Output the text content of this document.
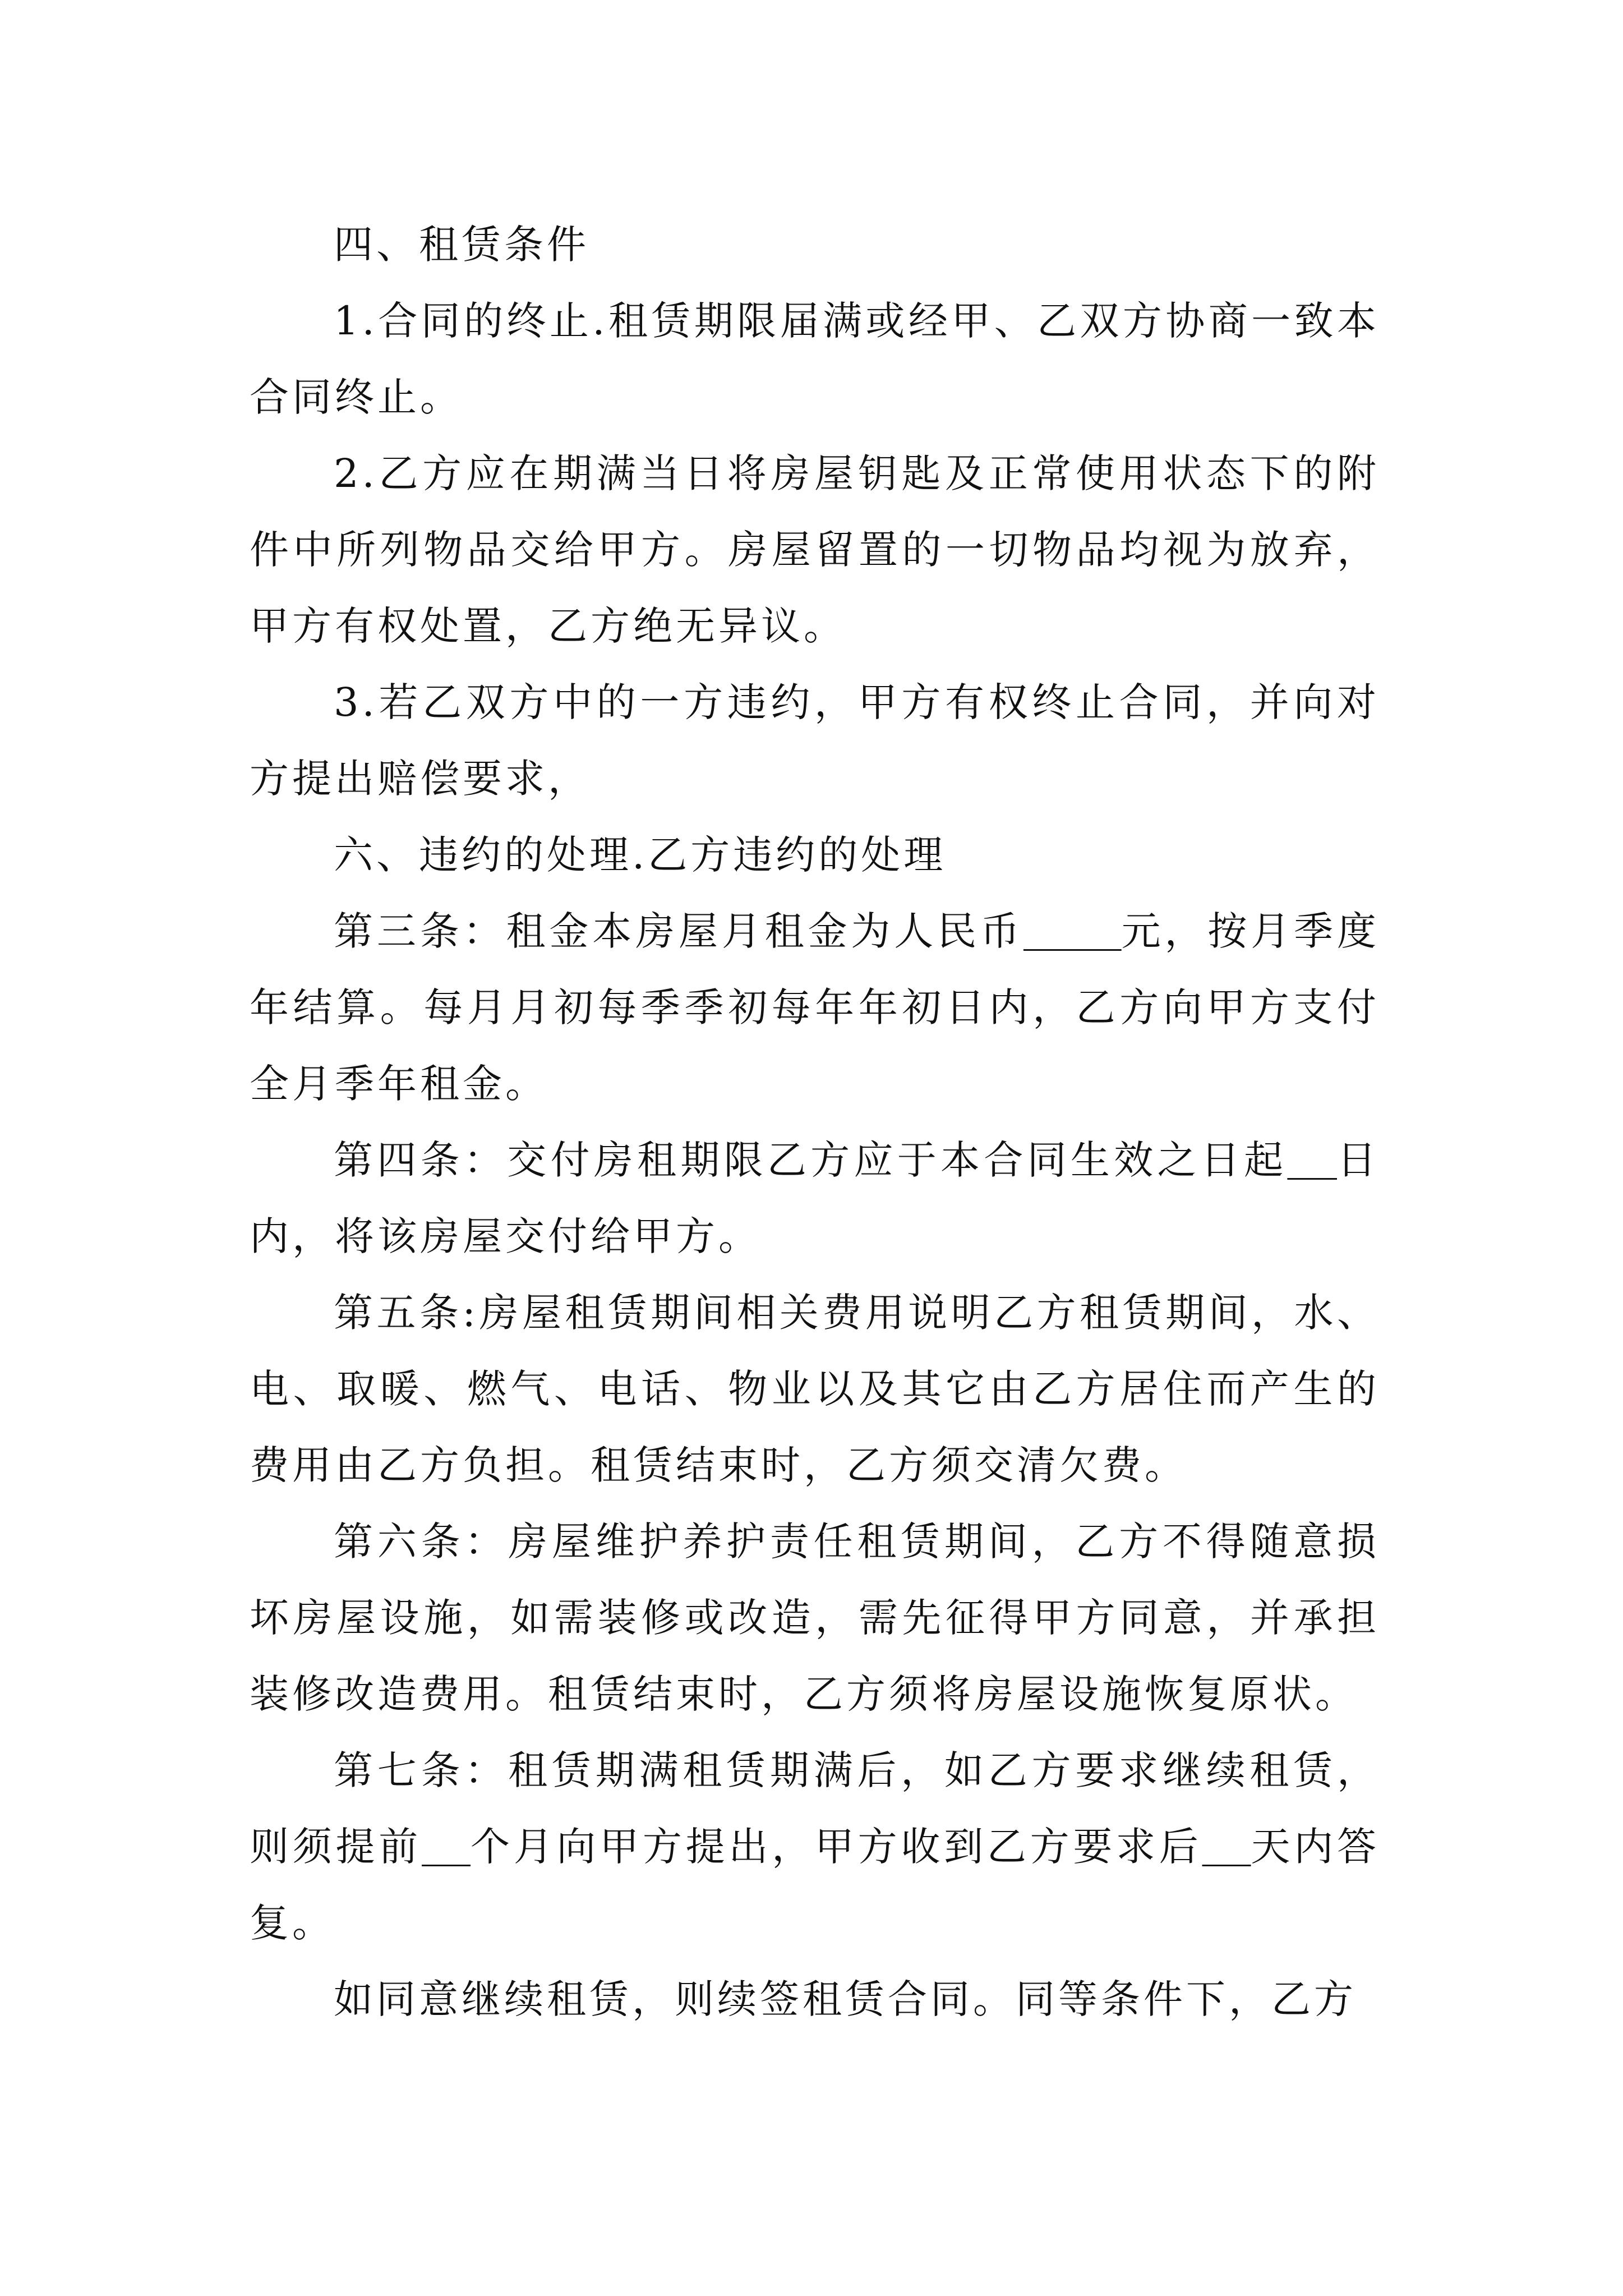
四、租赁条件

1.合同的终止.租赁期限届满或经甲、乙双方协商一致本合同终止。

2.乙方应在期满当日将房屋钥匙及正常使用状态下的附件中所列物品交给甲方。房屋留置的一切物品均视为放弃，甲方有权处置，乙方绝无异议。

3.若乙双方中的一方违约，甲方有权终止合同，并向对方提出赔偿要求，

六、违约的处理.乙方违约的处理

第三条：租金本房屋月租金为人民币 元，按月季度年结算。每月月初每季季初每年年初日内，乙方向甲方支付全月季年租金。

第四条：交付房租期限乙方应于本合同生效之日起 日内，将该房屋交付给甲方。

第五条:房屋租赁期间相关费用说明乙方租赁期间，水、电、取暖、燃气、电话、物业以及其它由乙方居住而产生的费用由乙方负担。租赁结束时，乙方须交清欠费。

第六条：房屋维护养护责任租赁期间，乙方不得随意损坏房屋设施，如需装修或改造，需先征得甲方同意，并承担装修改造费用。租赁结束时，乙方须将房屋设施恢复原状。

第七条：租赁期满租赁期满后，如乙方要求继续租赁，则须提前 个月向甲方提出，甲方收到乙方要求后 天内答复。

如同意继续租赁，则续签租赁合同。同等条件下，乙方
